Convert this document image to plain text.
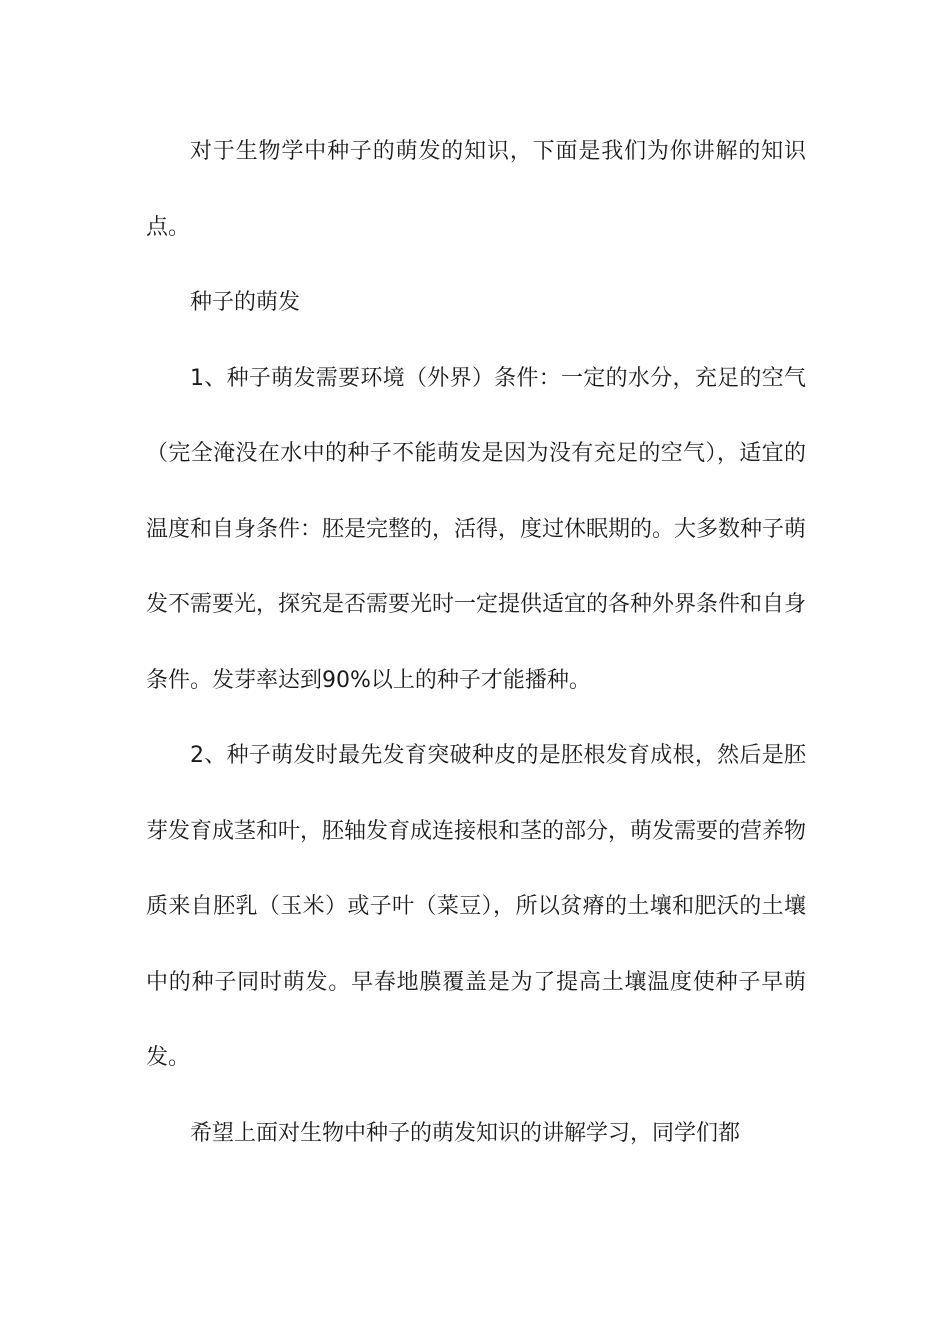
对于生物学中种子的萌发的知识，下面是我们为你讲解的知识点。

种子的萌发

1、种子萌发需要环境（外界）条件：一定的水分，充足的空气（完全淹没在水中的种子不能萌发是因为没有充足的空气），适宜的温度和自身条件：胚是完整的，活得，度过休眠期的。大多数种子萌发不需要光，探究是否需要光时一定提供适宜的各种外界条件和自身条件。发芽率达到90%以上的种子才能播种。

2、种子萌发时最先发育突破种皮的是胚根发育成根，然后是胚芽发育成茎和叶，胚轴发育成连接根和茎的部分，萌发需要的营养物质来自胚乳（玉米）或子叶（菜豆），所以贫瘠的土壤和肥沃的土壤中的种子同时萌发。早春地膜覆盖是为了提高土壤温度使种子早萌发。

希望上面对生物中种子的萌发知识的讲解学习，同学们都
